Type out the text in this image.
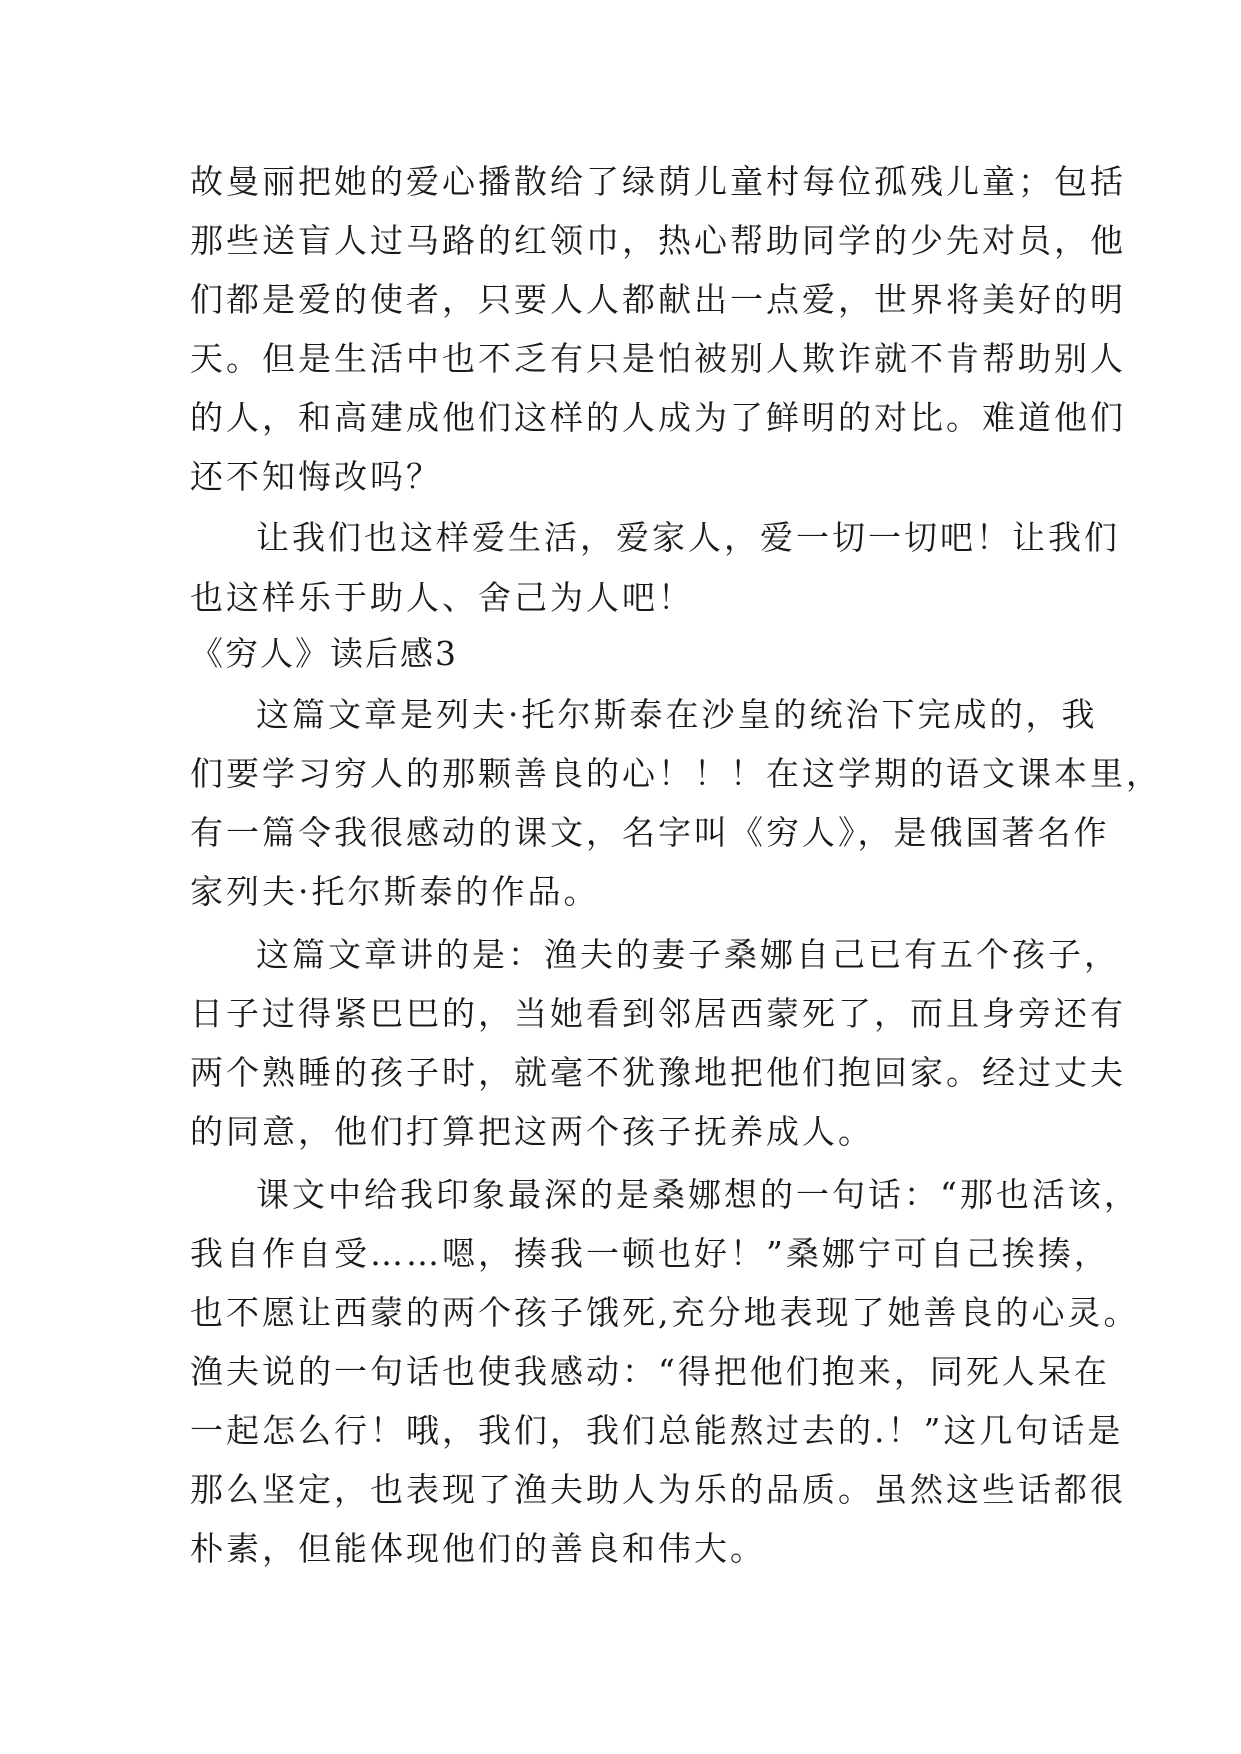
故曼丽把她的爱心播散给了绿荫儿童村每位孤残儿童；包括
那些送盲人过马路的红领巾，热心帮助同学的少先对员，他
们都是爱的使者，只要人人都献出一点爱，世界将美好的明
天。但是生活中也不乏有只是怕被别人欺诈就不肯帮助别人
的人，和高建成他们这样的人成为了鲜明的对比。难道他们
还不知悔改吗？
让我们也这样爱生活，爱家人，爱一切一切吧！让我们
也这样乐于助人、舍己为人吧！
《穷人》读后感3
这篇文章是列夫·托尔斯泰在沙皇的统治下完成的，我
们要学习穷人的那颗善良的心！！！在这学期的语文课本里，
有一篇令我很感动的课文，名字叫《穷人》，是俄国著名作
家列夫·托尔斯泰的作品。
这篇文章讲的是：渔夫的妻子桑娜自己已有五个孩子，
日子过得紧巴巴的，当她看到邻居西蒙死了，而且身旁还有
两个熟睡的孩子时，就毫不犹豫地把他们抱回家。经过丈夫
的同意，他们打算把这两个孩子抚养成人。
课文中给我印象最深的是桑娜想的一句话：“那也活该，
我自作自受……嗯，揍我一顿也好！”桑娜宁可自己挨揍，
也不愿让西蒙的两个孩子饿死,充分地表现了她善良的心灵。
渔夫说的一句话也使我感动：“得把他们抱来，同死人呆在
一起怎么行！哦，我们，我们总能熬过去的.！”这几句话是
那么坚定，也表现了渔夫助人为乐的品质。虽然这些话都很
朴素，但能体现他们的善良和伟大。
